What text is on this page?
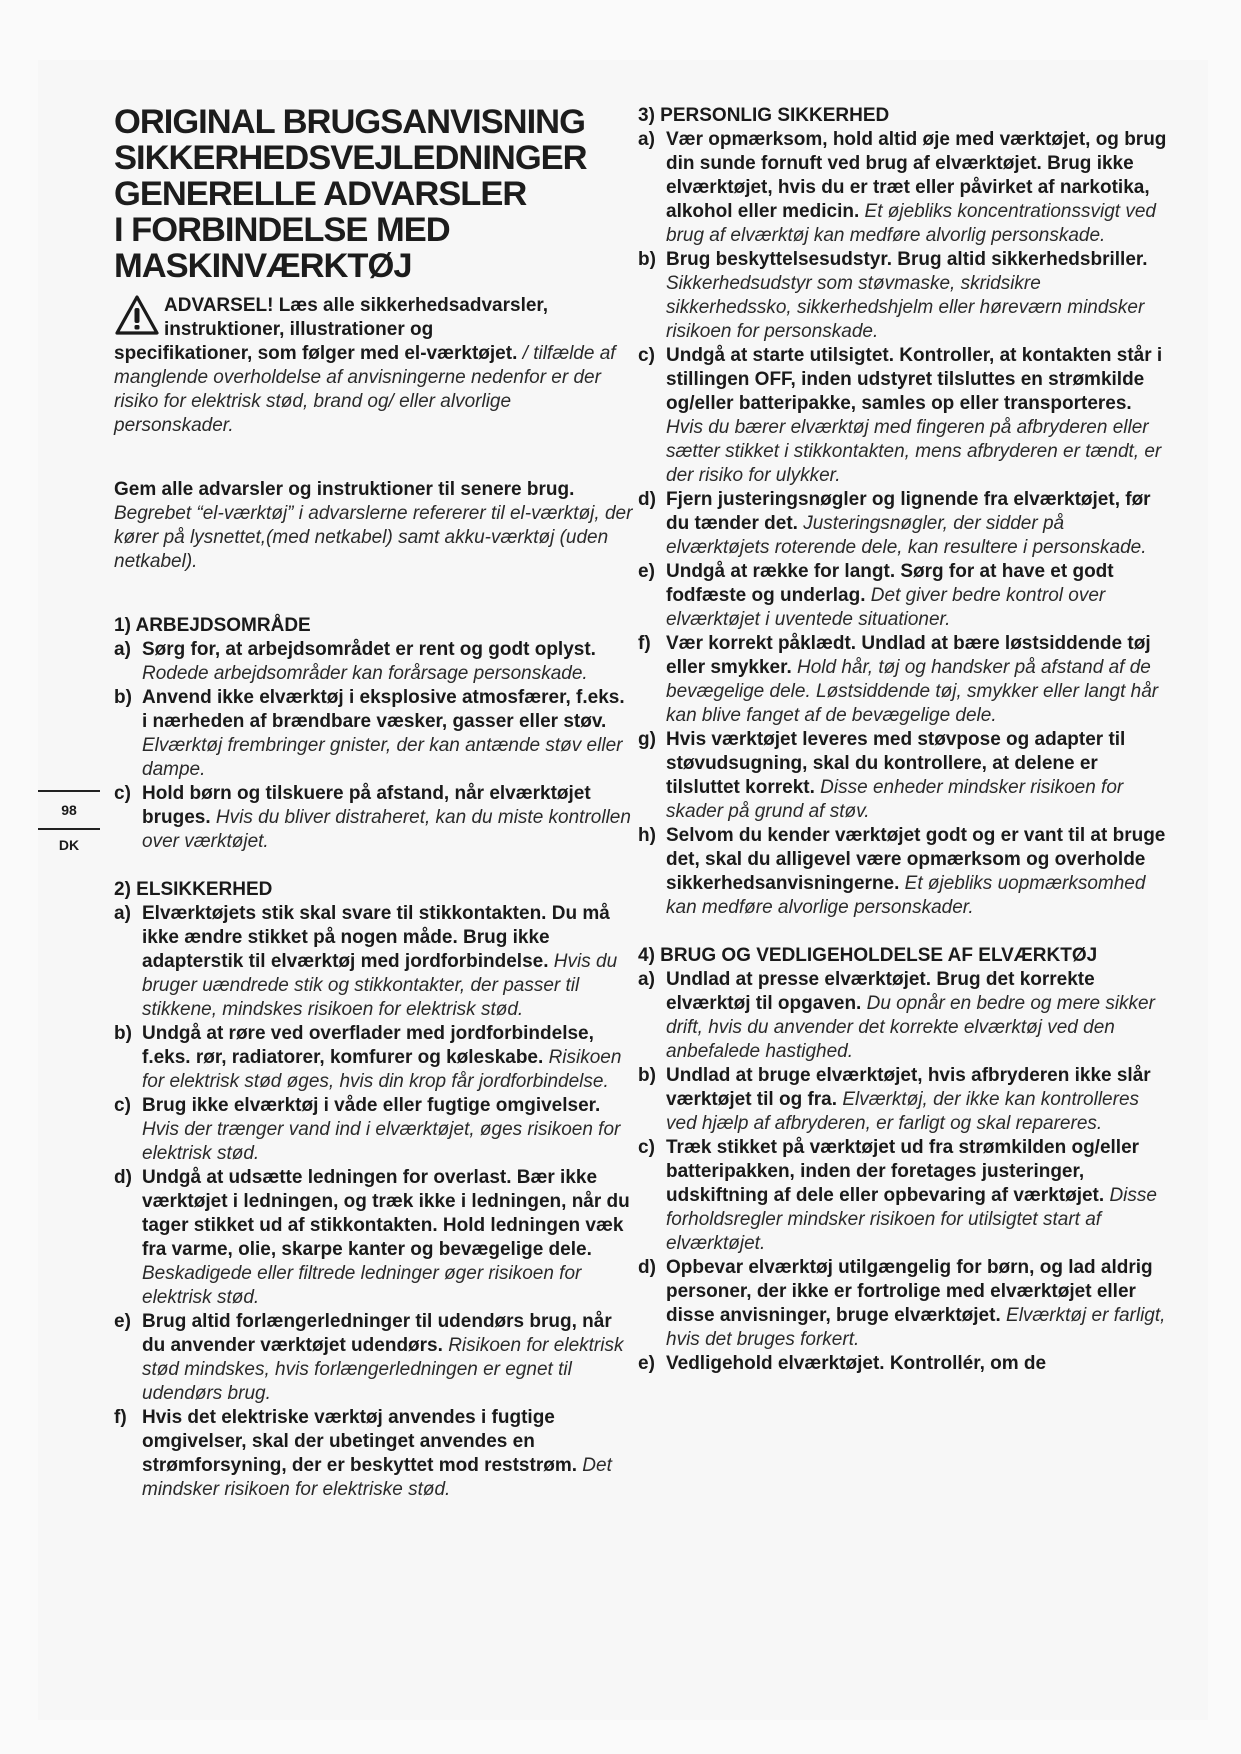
ORIGINAL BRUGSANVISNING
SIKKERHEDSVEJLEDNINGER
GENERELLE ADVARSLER
I FORBINDELSE MED
MASKINVÆRKTØJ
ADVARSEL! Læs alle sikkerhedsadvarsler,
instruktioner, illustrationer og

specifikationer, som følger med el-værktøjet. / tilfælde af manglende overholdelse af anvisningerne nedenfor er der risiko for elektrisk stød, brand og/ eller alvorlige personskader.

Gem alle advarsler og instruktioner til senere brug.

Begrebet “el-værktøj” i advarslerne refererer til el-værktøj, der kører på lysnettet,(med netkabel) samt akku-værktøj (uden netkabel).

1) ARBEJDSOMRÅDE
a) Sørg for, at arbejdsområdet er rent og godt oplyst. Rodede arbejdsområder kan forårsage personskade.
b) Anvend ikke elværktøj i eksplosive atmosfærer, f.eks. i nærheden af brændbare væsker, gasser eller støv. Elværktøj frembringer gnister, der kan antænde støv eller dampe.
c) Hold børn og tilskuere på afstand, når elværktøjet bruges. Hvis du bliver distraheret, kan du miste kontrollen over værktøjet.
2) ELSIKKERHED
a) Elværktøjets stik skal svare til stikkontakten. Du må ikke ændre stikket på nogen måde. Brug ikke adapterstik til elværktøj med jordforbindelse. Hvis du bruger uændrede stik og stikkontakter, der passer til stikkene, mindskes risikoen for elektrisk stød.
b) Undgå at røre ved overflader med jordforbindelse, f.eks. rør, radiatorer, komfurer og køleskabe. Risikoen for elektrisk stød øges, hvis din krop får jordforbindelse.
c) Brug ikke elværktøj i våde eller fugtige omgivelser. Hvis der trænger vand ind i elværktøjet, øges risikoen for elektrisk stød.
d) Undgå at udsætte ledningen for overlast. Bær ikke værktøjet i ledningen, og træk ikke i ledningen, når du tager stikket ud af stikkontakten. Hold ledningen væk fra varme, olie, skarpe kanter og bevægelige dele. Beskadigede eller filtrede ledninger øger risikoen for elektrisk stød.
e) Brug altid forlængerledninger til udendørs brug, når du anvender værktøjet udendørs. Risikoen for elektrisk stød mindskes, hvis forlængerledningen er egnet til udendørs brug.
f) Hvis det elektriske værktøj anvendes i fugtige omgivelser, skal der ubetinget anvendes en strømforsyning, der er beskyttet mod reststrøm. Det mindsker risikoen for elektriske stød.
3) PERSONLIG SIKKERHED
a) Vær opmærksom, hold altid øje med værktøjet, og brug din sunde fornuft ved brug af elværktøjet. Brug ikke elværktøjet, hvis du er træt eller påvirket af narkotika, alkohol eller medicin. Et øjebliks koncentrationssvigt ved brug af elværktøj kan medføre alvorlig personskade.
b) Brug beskyttelsesudstyr. Brug altid sikkerhedsbriller. Sikkerhedsudstyr som støvmaske, skridsikre sikkerhedssko, sikkerhedshjelm eller høreværn mindsker risikoen for personskade.
c) Undgå at starte utilsigtet. Kontroller, at kontakten står i stillingen OFF, inden udstyret tilsluttes en strømkilde og/eller batteripakke, samles op eller transporteres. Hvis du bærer elværktøj med fingeren på afbryderen eller sætter stikket i stikkontakten, mens afbryderen er tændt, er der risiko for ulykker.
d) Fjern justeringsnøgler og lignende fra elværktøjet, før du tænder det. Justeringsnøgler, der sidder på elværktøjets roterende dele, kan resultere i personskade.
e) Undgå at række for langt. Sørg for at have et godt fodfæste og underlag. Det giver bedre kontrol over elværktøjet i uventede situationer.
f) Vær korrekt påklædt. Undlad at bære løstsiddende tøj eller smykker. Hold hår, tøj og handsker på afstand af de bevægelige dele. Løstsiddende tøj, smykker eller langt hår kan blive fanget af de bevægelige dele.
g) Hvis værktøjet leveres med støvpose og adapter til støvudsugning, skal du kontrollere, at delene er tilsluttet korrekt. Disse enheder mindsker risikoen for skader på grund af støv.
h) Selvom du kender værktøjet godt og er vant til at bruge det, skal du alligevel være opmærksom og overholde sikkerhedsanvisningerne. Et øjebliks uopmærksomhed kan medføre alvorlige personskader.
4) BRUG OG VEDLIGEHOLDELSE AF ELVÆRKTØJ
a) Undlad at presse elværktøjet. Brug det korrekte elværktøj til opgaven. Du opnår en bedre og mere sikker drift, hvis du anvender det korrekte elværktøj ved den anbefalede hastighed.
b) Undlad at bruge elværktøjet, hvis afbryderen ikke slår værktøjet til og fra. Elværktøj, der ikke kan kontrolleres ved hjælp af afbryderen, er farligt og skal repareres.
c) Træk stikket på værktøjet ud fra strømkilden og/eller batteripakken, inden der foretages justeringer, udskiftning af dele eller opbevaring af værktøjet. Disse forholdsregler mindsker risikoen for utilsigtet start af elværktøjet.
d) Opbevar elværktøj utilgængelig for børn, og lad aldrig personer, der ikke er fortrolige med elværktøjet eller disse anvisninger, bruge elværktøjet. Elværktøj er farligt, hvis det bruges forkert.
e) Vedligehold elværktøjet. Kontrollér, om de
98
DK
